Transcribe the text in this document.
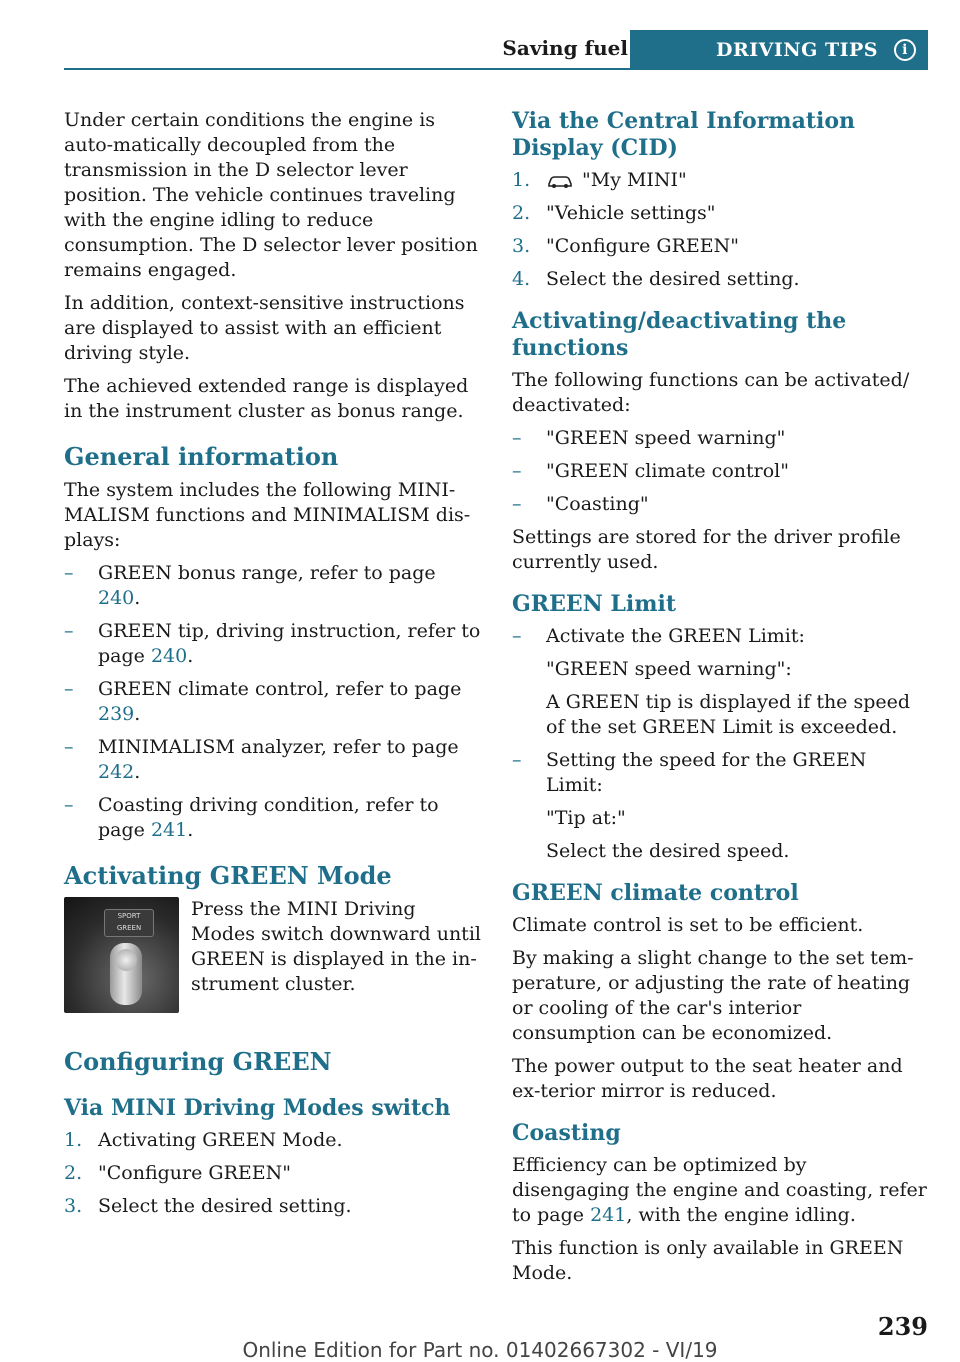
Saving fuel	DRIVING TIPS	i

Under certain conditions the engine is auto‐matically decoupled from the transmission in the D selector lever position. The vehicle continues traveling with the engine idling to reduce consumption. The D selector lever position remains engaged.

In addition, context-sensitive instructions are displayed to assist with an efficient driving style.

The achieved extended range is displayed in the instrument cluster as bonus range.

General information

The system includes the following MINI‐MALISM functions and MINIMALISM dis‐plays:

– GREEN bonus range, refer to page 240.
– GREEN tip, driving instruction, refer to page 240.
– GREEN climate control, refer to page 239.
– MINIMALISM analyzer, refer to page 242.
– Coasting driving condition, refer to page 241.
Activating GREEN Mode
SPORT
GREEN

Press the MINI Driving Modes switch downward until GREEN is displayed in the in‐strument cluster.

Configuring GREEN
Via MINI Driving Modes switch
1. Activating GREEN Mode.
2. "Configure GREEN"
3. Select the desired setting.
Via the Central Information Display (CID)
1.	"My MINI"
2. "Vehicle settings"
3. "Configure GREEN"
4. Select the desired setting.
Activating/deactivating the functions

The following functions can be activated/ deactivated:

– "GREEN speed warning"
– "GREEN climate control"
– "Coasting"

Settings are stored for the driver profile currently used.

GREEN Limit
– Activate the GREEN Limit:

"GREEN speed warning":

A GREEN tip is displayed if the speed of the set GREEN Limit is exceeded.

– Setting the speed for the GREEN Limit:

"Tip at:"

Select the desired speed.

GREEN climate control

Climate control is set to be efficient.

By making a slight change to the set tem‐perature, or adjusting the rate of heating or cooling of the car's interior consumption can be economized.

The power output to the seat heater and ex‐terior mirror is reduced.

Coasting

Efficiency can be optimized by disengaging the engine and coasting, refer to page 241, with the engine idling.

This function is only available in GREEN Mode.

239
Online Edition for Part no. 01402667302 - VI/19
